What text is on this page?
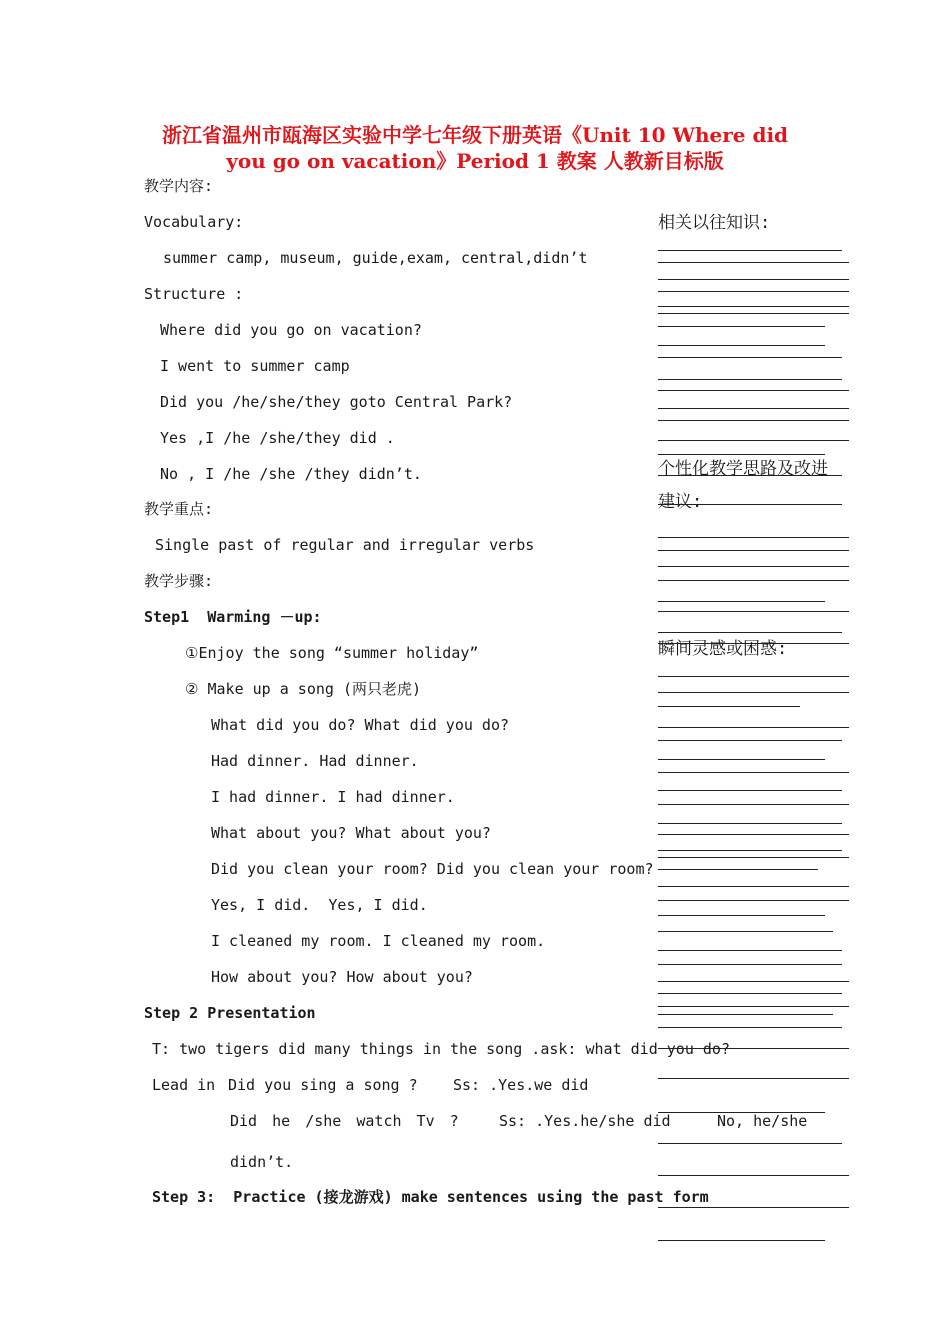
浙江省温州市瓯海区实验中学七年级下册英语《Unit 10 Where did
you go on vacation》Period 1 教案 人教新目标版
教学内容:
Vocabulary:
summer camp, museum, guide,exam, central,didn’t
Structure :
Where did you go on vacation?
I went to summer camp
Did you /he/she/they goto Central Park?
Yes ,I /he /she/they did .
No , I /he /she /they didn’t.
教学重点:
Single past of regular and irregular verbs
教学步骤:
Step1  Warming －up:
①Enjoy the song “summer holiday”
② Make up a song (两只老虎)
What did you do? What did you do?
Had dinner. Had dinner.
I had dinner. I had dinner.
What about you? What about you?
Did you clean your room? Did you clean your room?
Yes, I did.  Yes, I did.
I cleaned my room. I cleaned my room.
How about you? How about you?
Step 2 Presentation
T: two tigers did many things in the song .ask: what did you do?
Lead in Did you sing a song ? Ss: .Yes.we did
Did he /she watch Tv ?	Ss: .Yes.he/she did	No, he/she
didn’t.
Step 3:  Practice (接龙游戏) make sentences using the past form
相关以往知识:
个性化教学思路及改进
建议:
瞬间灵感或困惑:
